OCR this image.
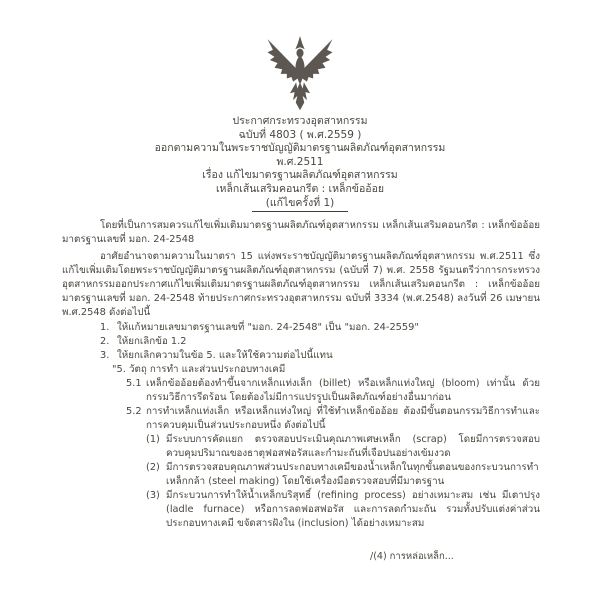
ประกาศกระทรวงอุตสาหกรรม
ฉบับที่ 4803 ( พ.ศ.2559 )
ออกตามความในพระราชบัญญัติมาตรฐานผลิตภัณฑ์อุตสาหกรรม
พ.ศ.2511
เรื่อง แก้ไขมาตรฐานผลิตภัณฑ์อุตสาหกรรม
เหล็กเส้นเสริมคอนกรีต : เหล็กข้ออ้อย
(แก้ไขครั้งที่ 1)

โดยที่เป็นการสมควรแก้ไขเพิ่มเติมมาตรฐานผลิตภัณฑ์อุตสาหกรรม เหล็กเส้นเสริมคอนกรีต : เหล็กข้ออ้อย มาตรฐานเลขที่ มอก. 24-2548

อาศัยอำนาจตามความในมาตรา 15 แห่งพระราชบัญญัติมาตรฐานผลิตภัณฑ์อุตสาหกรรม พ.ศ.2511 ซึ่งแก้ไขเพิ่มเติมโดยพระราชบัญญัติมาตรฐานผลิตภัณฑ์อุตสาหกรรม (ฉบับที่ 7) พ.ศ. 2558 รัฐมนตรีว่าการกระทรวงอุตสาหกรรมออกประกาศแก้ไขเพิ่มเติมมาตรฐานผลิตภัณฑ์อุตสาหกรรม เหล็กเส้นเสริมคอนกรีต : เหล็กข้ออ้อย มาตรฐานเลขที่ มอก. 24-2548 ท้ายประกาศกระทรวงอุตสาหกรรม ฉบับที่ 3334 (พ.ศ.2548) ลงวันที่ 26 เมษายน พ.ศ.2548 ดังต่อไปนี้

1. ให้แก้หมายเลขมาตรฐานเลขที่ "มอก. 24-2548" เป็น "มอก. 24-2559"
2. ให้ยกเลิกข้อ 1.2
3. ให้ยกเลิกความในข้อ 5. และให้ใช้ความต่อไปนี้แทน
"5. วัตถุ การทำ และส่วนประกอบทางเคมี
5.1 เหล็กข้ออ้อยต้องทำขึ้นจากเหล็กแท่งเล็ก (billet) หรือเหล็กแท่งใหญ่ (bloom) เท่านั้น ด้วยกรรมวิธีการรีดร้อน โดยต้องไม่มีการแปรรูปเป็นผลิตภัณฑ์อย่างอื่นมาก่อน
5.2 การทำเหล็กแท่งเล็ก หรือเหล็กแท่งใหญ่ ที่ใช้ทำเหล็กข้ออ้อย ต้องมีขั้นตอนกรรมวิธีการทำและการควบคุมเป็นส่วนประกอบหนึ่ง ดังต่อไปนี้
(1) มีระบบการคัดแยก ตรวจสอบประเมินคุณภาพเศษเหล็ก (scrap) โดยมีการตรวจสอบควบคุมปริมาณของธาตุฟอสฟอรัสและกำมะถันที่เจือปนอย่างเข้มงวด
(2) มีการตรวจสอบคุณภาพส่วนประกอบทางเคมีของน้ำเหล็กในทุกขั้นตอนของกระบวนการทำเหล็กกล้า (steel making) โดยใช้เครื่องมือตรวจสอบที่มีมาตรฐาน
(3) มีกระบวนการทำให้น้ำเหล็กบริสุทธิ์ (refining process) อย่างเหมาะสม เช่น มีเตาปรุง (ladle furnace) หรือการลดฟอสฟอรัส และการลดกำมะถัน รวมทั้งปรับแต่งค่าส่วนประกอบทางเคมี ขจัดสารฝังใน (inclusion) ได้อย่างเหมาะสม
/(4) การหล่อเหล็ก...
